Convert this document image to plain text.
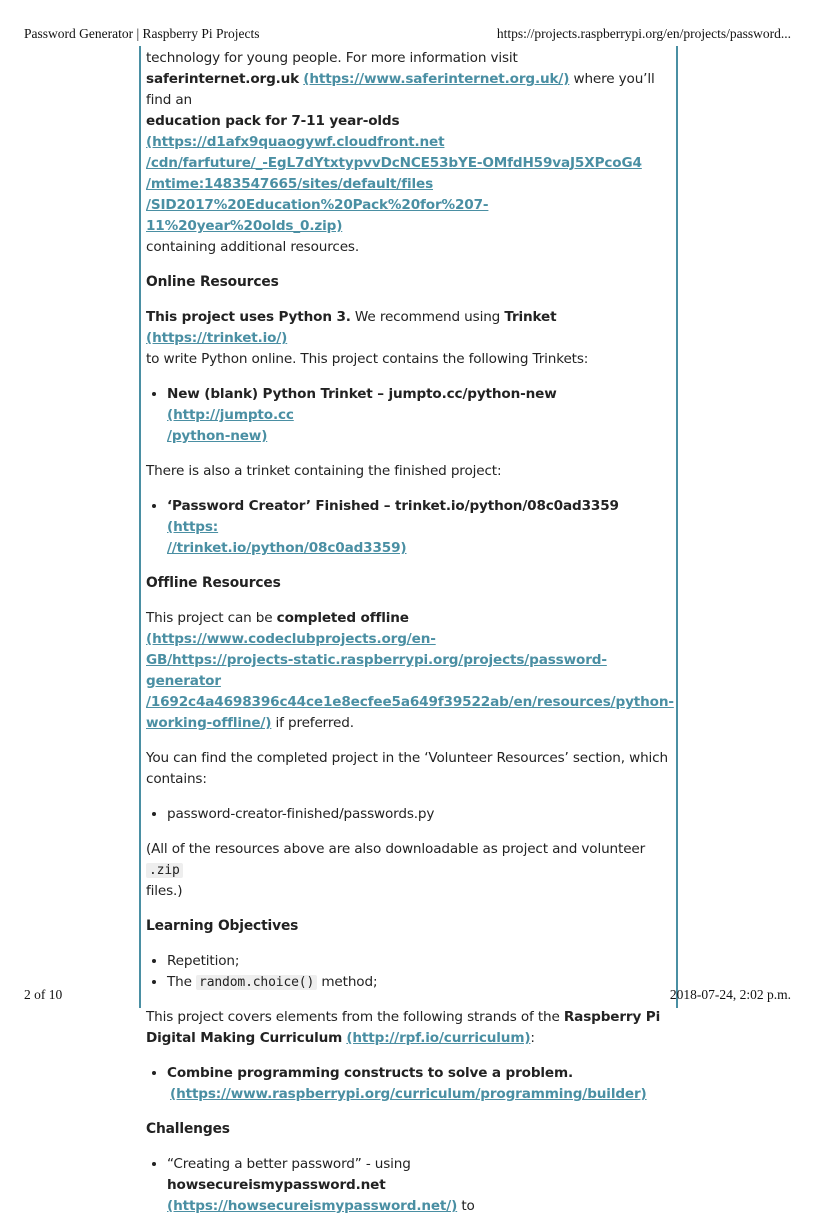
Password Generator | Raspberry Pi Projects	https://projects.raspberrypi.org/en/projects/password...

technology for young people. For more information visit
saferinternet.org.uk (https://www.saferinternet.org.uk/) where you’ll find an
education pack for 7-11 year-olds (https://d1afx9quaogywf.cloudfront.net
/cdn/farfuture/_-EgL7dYtxtypvvDcNCE53bYE-OMfdH59vaJ5XPcoG4
/mtime:1483547665/sites/default/files
/SID2017%20Education%20Pack%20for%207-11%20year%20olds_0.zip)
containing additional resources.

Online Resources

This project uses Python 3. We recommend using Trinket (https://trinket.io/)
to write Python online. This project contains the following Trinkets:

• New (blank) Python Trinket – jumpto.cc/python-new (http://jumpto.cc
/python-new)

There is also a trinket containing the finished project:

• ‘Password Creator’ Finished – trinket.io/python/08c0ad3359 (https:
//trinket.io/python/08c0ad3359)
Offline Resources

This project can be completed offline (https://www.codeclubprojects.org/en-
GB/https://projects-static.raspberrypi.org/projects/password-generator
/1692c4a4698396c44ce1e8ecfee5a649f39522ab/en/resources/python-
working-offline/) if preferred.

You can find the completed project in the ‘Volunteer Resources’ section, which contains:

• password-creator-finished/passwords.py

(All of the resources above are also downloadable as project and volunteer .zip
files.)

Learning Objectives
• Repetition;
• The random.choice() method;

This project covers elements from the following strands of the Raspberry Pi Digital Making Curriculum (http://rpf.io/curriculum):

• Combine programming constructs to solve a problem.
(https://www.raspberrypi.org/curriculum/programming/builder)
Challenges
• “Creating a better password” - using
howsecureismypassword.net (https://howsecureismypassword.net/) to
2 of 10	2018-07-24, 2:02 p.m.
